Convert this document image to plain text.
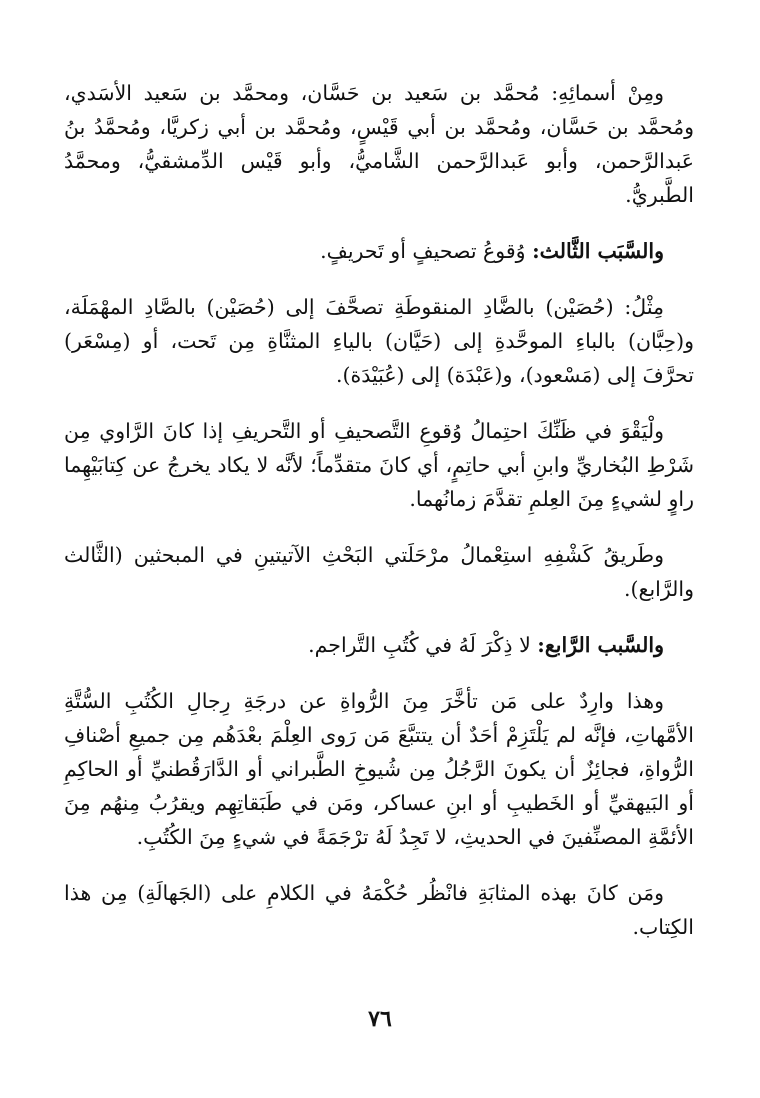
ومِنْ أسمائِهِ: مُحمَّد بن سَعيد بن حَسَّان، ومحمَّد بن سَعيد الأسَدي، ومُحمَّد بن حَسَّان، ومُحمَّد بن أبي قَيْسٍ، ومُحمَّد بن أبي زكريَّا، ومُحمَّدُ بنُ عَبدالرَّحمن، وأبو عَبدالرَّحمن الشَّاميُّ، وأبو قَيْس الدِّمشقيُّ، ومحمَّدُ الطَّبريُّ.

والسَّبَب الثَّالث: وُقوعُ تصحيفٍ أو تَحريفٍ.

مِثْلُ: (حُصَيْن) بالضَّادِ المنقوطَةِ تصحَّفَ إلى (حُصَيْن) بالصَّادِ المهْمَلَة، و(حِبَّان) بالباءِ الموحَّدةِ إلى (حَيَّان) بالياءِ المثنَّاةِ مِن تَحت، أو (مِسْعَر) تحرَّفَ إلى (مَسْعود)، و(عَبْدَة) إلى (عُبَيْدَة).

ولْيَقْوَ في ظَنِّكَ احتِمالُ وُقوعِ التَّصحيفِ أو التَّحريفِ إذا كانَ الرَّاوي مِن شَرْطِ البُخاريِّ وابنِ أبي حاتِمٍ، أي كانَ متقدِّماً؛ لأنَّه لا يكاد يخرجُ عن كِتابَيْهِما راوٍ لشيءٍ مِنَ العِلمِ تقدَّمَ زمانُهما.

وطَريقُ كَشْفِهِ استِعْمالُ مرْحَلَتي البَحْثِ الآتيتينِ في المبحثين (الثَّالث والرَّابع).

والسَّبب الرَّابع: لا ذِكْرَ لَهُ في كُتُبِ التَّراجم.

وهذا وارِدٌ على مَن تأخَّرَ مِنَ الرُّواةِ عن درجَةِ رِجالِ الكُتُبِ السُّتَّةِ الأمَّهاتِ، فإنَّه لم يَلْتَزِمْ أحَدٌ أن يتتبَّعَ مَن رَوى العِلْمَ بعْدَهُم مِن جميعِ أصْنافِ الرُّواةِ، فجائِزٌ أن يكونَ الرَّجُلُ مِن شُيوخِ الطَّبراني أو الدَّارَقُطنيِّ أو الحاكِمِ أو البَيهقيِّ أو الخَطيبِ أو ابنِ عساكر، ومَن في طَبَقاتِهِم ويقرُبُ مِنهُم مِنَ الأئمَّةِ المصنِّفينَ في الحديثِ، لا تَجِدُ لَهُ ترْجَمَةً في شيءٍ مِنَ الكُتُبِ.

ومَن كانَ بهذه المثابَةِ فانْظُر حُكْمَهُ في الكلامِ على (الجَهالَةِ) مِن هذا الكِتاب.

٧٦
